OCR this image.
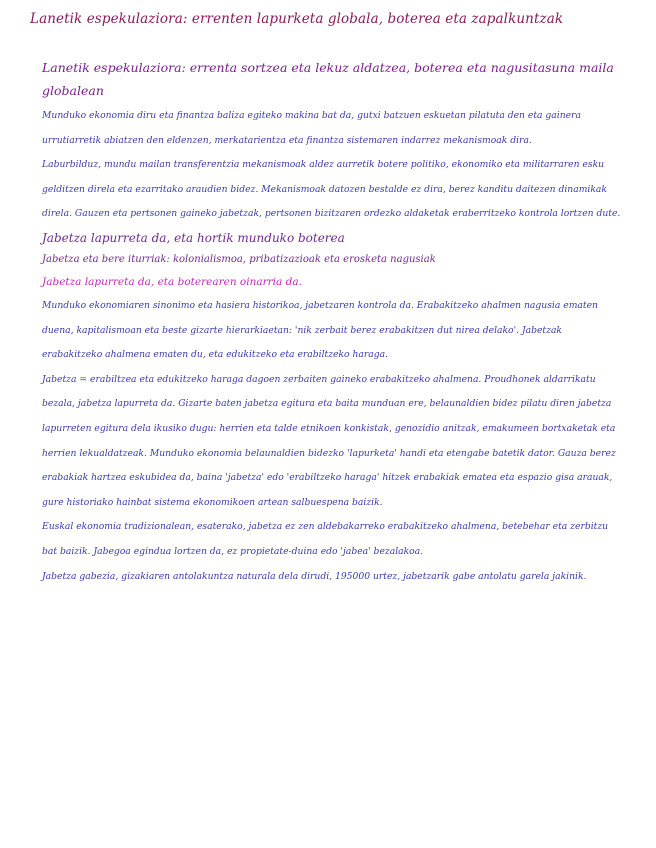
Lanetik espekulaziora: errenten lapurketa globala, boterea eta zapalkuntzak

Lanetik espekulaziora: errenta sortzea eta lekuz aldatzea, boterea eta nagusitasuna maila globalean

Munduko ekonomia diru eta finantza baliza egiteko makina bat da, gutxi batzuen eskuetan pilatuta den eta gainera urrutiarretik abiatzen den eldenzen, merkatarientza eta finantza sistemaren indarrez mekanismoak dira.

Laburbilduz, mundu mailan transferentzia mekanismoak aldez aurretik botere politiko, ekonomiko eta militarraren esku gelditzen direla eta ezarritako araudien bidez. Mekanismoak datozen bestalde ez dira, berez kanditu daitezen dinamikak direla. Gauzen eta pertsonen gaineko jabetzak, pertsonen bizitzaren ordezko aldaketak eraberritzeko kontrola lortzen dute.

Jabetza lapurreta da, eta hortik munduko boterea

Jabetza eta bere iturriak: kolonialismoa, pribatizazioak eta erosketa nagusiak

Jabetza lapurreta da, eta boterearen oinarria da.

Munduko ekonomiaren sinonimo eta hasiera historikoa, jabetzaren kontrola da. Erabakitzeko ahalmen nagusia ematen duena, kapitalismoan eta beste gizarte hierarkiaetan: 'nik zerbait berez erabakitzen dut nirea delako'. Jabetzak erabakitzeko ahalmena ematen du, eta edukitzeko eta erabiltzeko haraga.

Jabetza = erabiltzea eta edukitzeko haraga dagoen zerbaiten gaineko erabakitzeko ahalmena. Proudhonek aldarrikatu bezala, jabetza lapurreta da. Gizarte baten jabetza egitura eta baita munduan ere, belaunaldien bidez pilatu diren jabetza lapurreten egitura dela ikusiko dugu: herrien eta talde etnikoen konkistak, genozidio anitzak, emakumeen bortxaketak eta herrien lekualdatzeak. Munduko ekonomia belaunaldien bidezko 'lapurketa' handi eta etengabe batetik dator. Gauza berez erabakiak hartzea eskubidea da, baina 'jabetza' edo 'erabiltzeko haraga' hitzek erabakiak ematea eta espazio gisa arauak, gure historiako hainbat sistema ekonomikoen artean salbuespena baizik.

Euskal ekonomia tradizionalean, esaterako, jabetza ez zen aldebakarreko erabakitzeko ahalmena, betebehar eta zerbitzu bat baizik. Jabegoa egindua lortzen da, ez propietate-duina edo 'jabea' bezalakoa.

Jabetza gabezia, gizakiaren antolakuntza naturala dela dirudi, 195000 urtez, jabetzarik gabe antolatu garela jakinik.
